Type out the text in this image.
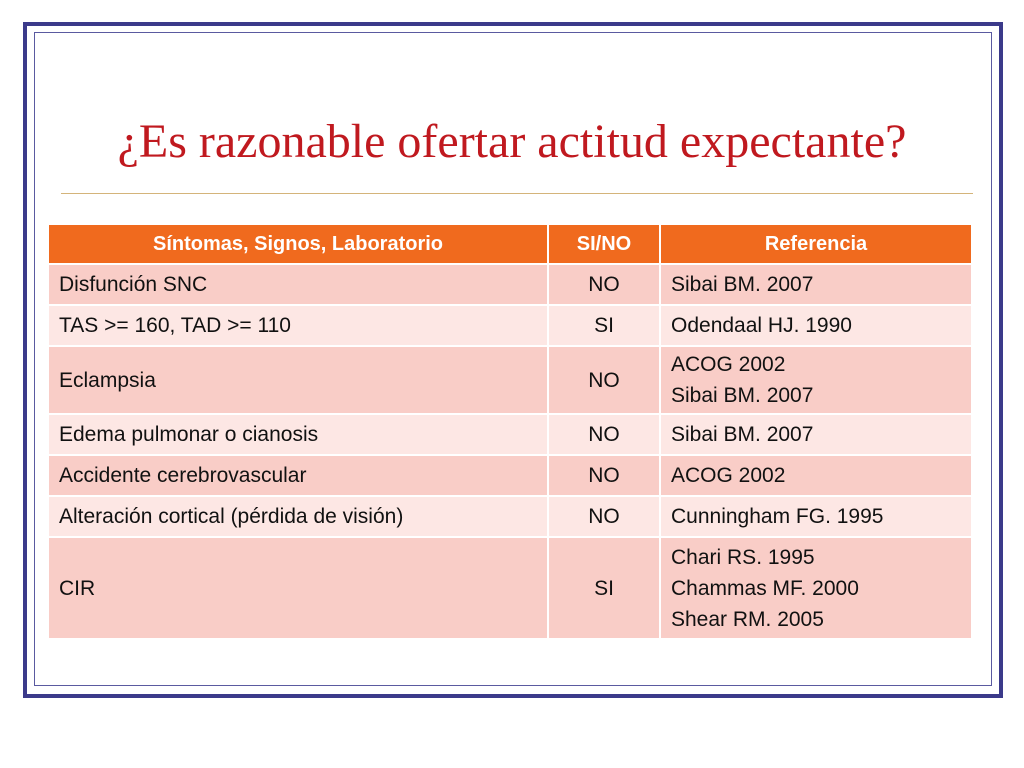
¿Es razonable ofertar actitud expectante?
Síntomas, Signos, Laboratorio	SI/NO	Referencia
Disfunción SNC	NO	Sibai BM. 2007

TAS >= 160, TAD >= 110	SI	Odendaal HJ. 1990

Eclampsia	NO	ACOG 2002
Sibai BM. 2007

Edema pulmonar o cianosis	NO	Sibai BM. 2007

Accidente cerebrovascular	NO	ACOG 2002

Alteración cortical (pérdida de visión)	NO	Cunningham FG. 1995

CIR	SI	Chari RS. 1995
Chammas MF. 2000
Shear RM. 2005
